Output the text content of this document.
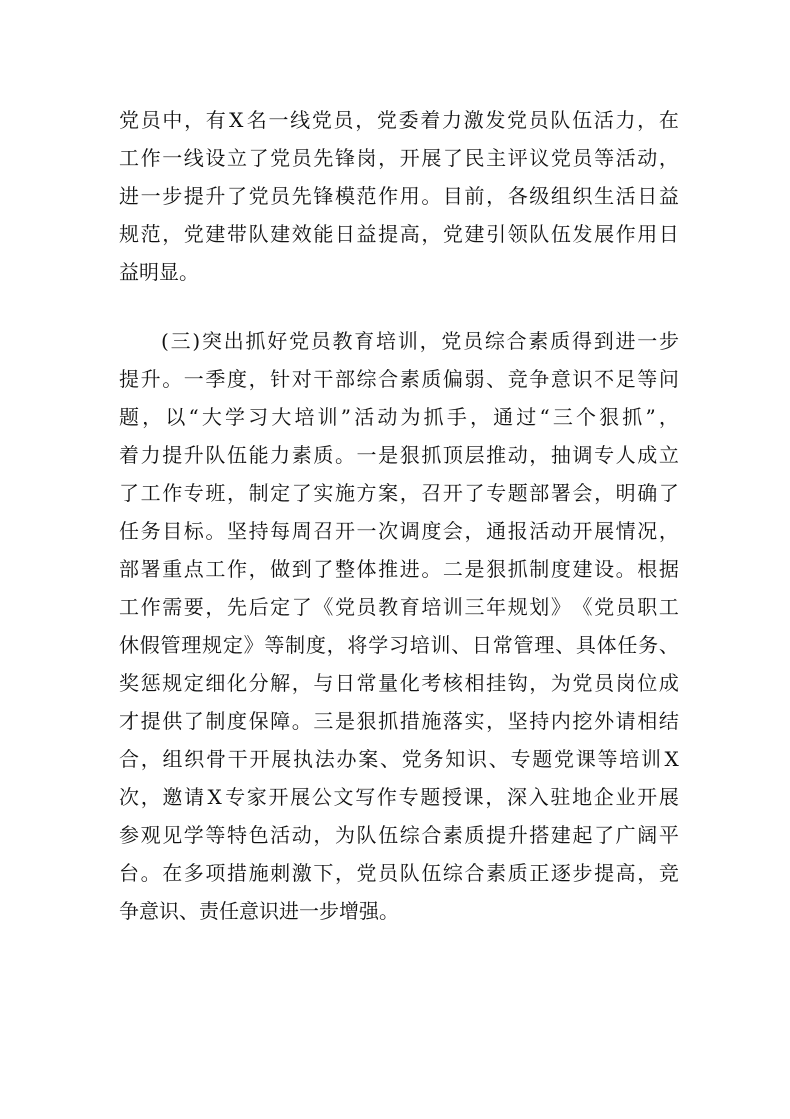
党 员 中 ， 有 X 名 一 线 党 员 ， 党 委 着 力 激 发 党 员 队 伍 活 力 ， 在
工 作 一 线 设 立 了 党 员 先 锋 岗 ， 开 展 了 民 主 评 议 党 员 等 活 动 ，
进 一 步 提 升 了 党 员 先 锋 模 范 作 用 。 目 前 ， 各 级 组 织 生 活 日 益
规 范 ， 党 建 带 队 建 效 能 日 益 提 高 ， 党 建 引 领 队 伍 发 展 作 用 日
益明显。
( 三 ) 突 出 抓 好 党 员 教 育 培 训 ， 党 员 综 合 素 质 得 到 进 一 步
提 升 。 一 季 度 ， 针 对 干 部 综 合 素 质 偏 弱 、 竞 争 意 识 不 足 等 问
题 ， 以 “ 大 学 习 大 培 训 ” 活 动 为 抓 手 ， 通 过 “ 三 个 狠 抓 ” ，
着 力 提 升 队 伍 能 力 素 质 。 一 是 狠 抓 顶 层 推 动 ， 抽 调 专 人 成 立
了 工 作 专 班 ， 制 定 了 实 施 方 案 ， 召 开 了 专 题 部 署 会 ， 明 确 了
任 务 目 标 。 坚 持 每 周 召 开 一 次 调 度 会 ， 通 报 活 动 开 展 情 况 ，
部 署 重 点 工 作 ， 做 到 了 整 体 推 进 。 二 是 狠 抓 制 度 建 设 。 根 据
工 作 需 要 ， 先 后 定 了 《 党 员 教 育 培 训 三 年 规 划 》 《 党 员 职 工
休 假 管 理 规 定 》 等 制 度 ， 将 学 习 培 训 、 日 常 管 理 、 具 体 任 务 、
奖 惩 规 定 细 化 分 解 ， 与 日 常 量 化 考 核 相 挂 钩 ， 为 党 员 岗 位 成
才 提 供 了 制 度 保 障 。 三 是 狠 抓 措 施 落 实 ， 坚 持 内 挖 外 请 相 结
合 ， 组 织 骨 干 开 展 执 法 办 案 、 党 务 知 识 、 专 题 党 课 等 培 训 X
次 ， 邀 请 X 专 家 开 展 公 文 写 作 专 题 授 课 ， 深 入 驻 地 企 业 开 展
参 观 见 学 等 特 色 活 动 ， 为 队 伍 综 合 素 质 提 升 搭 建 起 了 广 阔 平
台 。 在 多 项 措 施 刺 激 下 ， 党 员 队 伍 综 合 素 质 正 逐 步 提 高 ， 竞
争意识、责任意识进一步增强。
